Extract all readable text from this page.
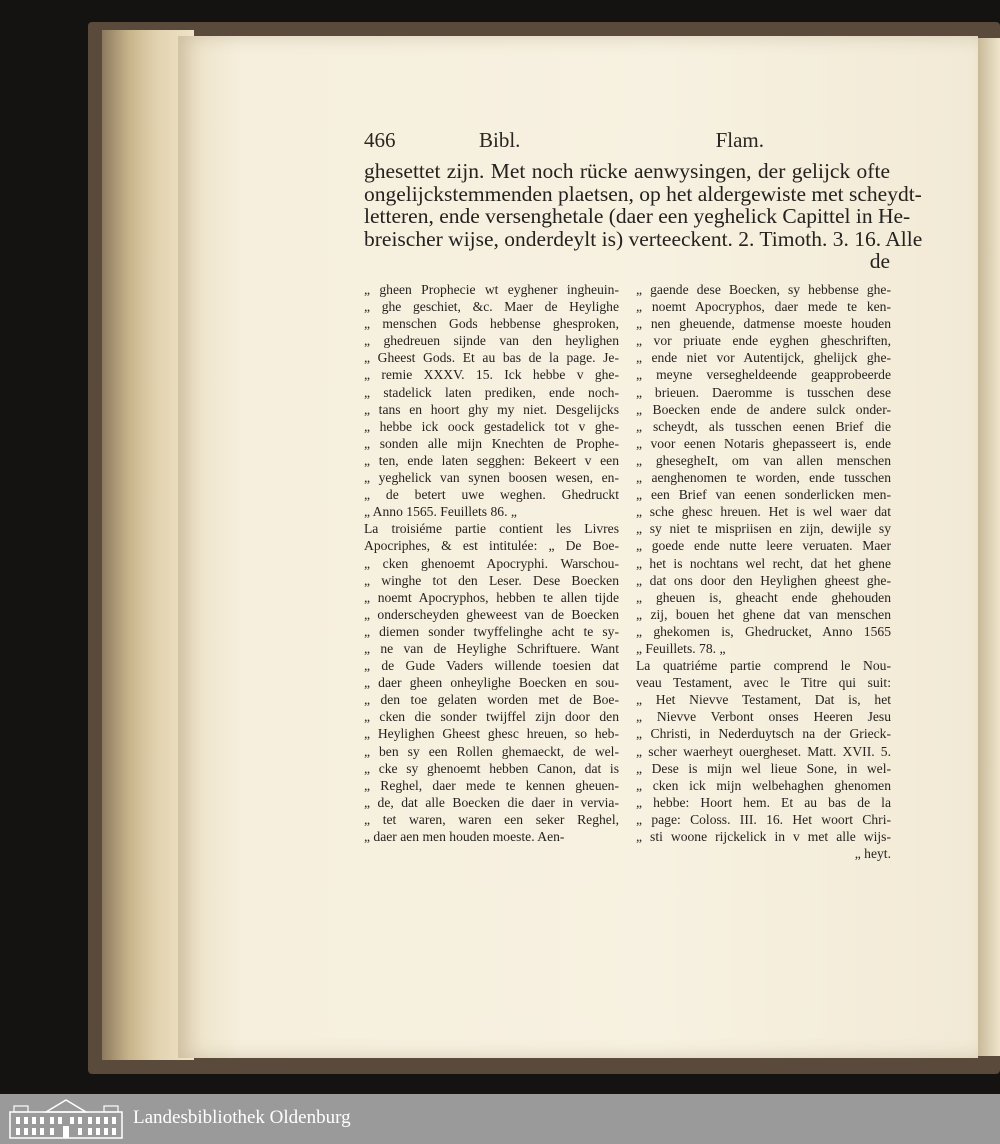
466	Bibl.	Flam.
ghesettet zijn. Met noch rücke aenwysingen, der gelijck ofte
ongelijckstemmenden plaetsen, op het aldergewiste met scheydt-
letteren, ende versenghetale (daer een yeghelick Capittel in He-
breischer wijse, onderdeylt is) verteeckent. 2. Timoth. 3. 16. Alle
de
„ gheen Prophecie wt eyghener ingheuin-
„ ghe geschiet, &c. Maer de Heylighe
„ menschen Gods hebbense ghesproken,
„ ghedreuen sijnde van den heylighen
„ Gheest Gods. Et au bas de la page. Je-
„ remie XXXV. 15. Ick hebbe v ghe-
„ stadelick laten prediken, ende noch-
„ tans en hoort ghy my niet. Desgelijcks
„ hebbe ick oock gestadelick tot v ghe-
„ sonden alle mijn Knechten de Prophe-
„ ten, ende laten segghen: Bekeert v een
„ yeghelick van synen boosen wesen, en-
„ de betert uwe weghen. Ghedruckt
„ Anno 1565. Feuillets 86. „
La troisiéme partie contient les Livres
Apocriphes, & est intitulée: „ De Boe-
„ cken ghenoemt Apocryphi. Warschou-
„ winghe tot den Leser. Dese Boecken
„ noemt Apocryphos, hebben te allen tijde
„ onderscheyden gheweest van de Boecken
„ diemen sonder twyffelinghe acht te sy-
„ ne van de Heylighe Schriftuere. Want
„ de Gude Vaders willende toesien dat
„ daer gheen onheylighe Boecken en sou-
„ den toe gelaten worden met de Boe-
„ cken die sonder twijffel zijn door den
„ Heylighen Gheest ghesc hreuen, so heb-
„ ben sy een Rollen ghemaeckt, de wel-
„ cke sy ghenoemt hebben Canon, dat is
„ Reghel, daer mede te kennen gheuen-
„ de, dat alle Boecken die daer in vervia-
„ tet waren, waren een seker Reghel,
„ daer aen men houden moeste. Aen-
„ gaende dese Boecken, sy hebbense ghe-
„ noemt Apocryphos, daer mede te ken-
„ nen gheuende, datmense moeste houden
„ vor priuate ende eyghen gheschriften,
„ ende niet vor Autentijck, ghelijck ghe-
„ meyne versegheldeende geapprobeerde
„ brieuen. Daeromme is tusschen dese
„ Boecken ende de andere sulck onder-
„ scheydt, als tusschen eenen Brief die
„ voor eenen Notaris ghepasseert is, ende
„ ghesegheIt, om van allen menschen
„ aenghenomen te worden, ende tusschen
„ een Brief van eenen sonderlicken men-
„ sche ghesc hreuen. Het is wel waer dat
„ sy niet te mispriisen en zijn, dewijle sy
„ goede ende nutte leere veruaten. Maer
„ het is nochtans wel recht, dat het ghene
„ dat ons door den Heylighen gheest ghe-
„ gheuen is, gheacht ende ghehouden
„ zij, bouen het ghene dat van menschen
„ ghekomen is, Ghedrucket, Anno 1565
„ Feuillets. 78. „
La quatriéme partie comprend le Nou-
veau Testament, avec le Titre qui suit:
„ Het Nievve Testament, Dat is, het
„ Nievve Verbont onses Heeren Jesu
„ Christi, in Nederduytsch na der Grieck-
„ scher waerheyt ouergheset. Matt. XVII. 5.
„ Dese is mijn wel lieue Sone, in wel-
„ cken ick mijn welbehaghen ghenomen
„ hebbe: Hoort hem. Et au bas de la
„ page: Coloss. III. 16. Het woort Chri-
„ sti woone rijckelick in v met alle wijs-
„ heyt.
Landesbibliothek Oldenburg
